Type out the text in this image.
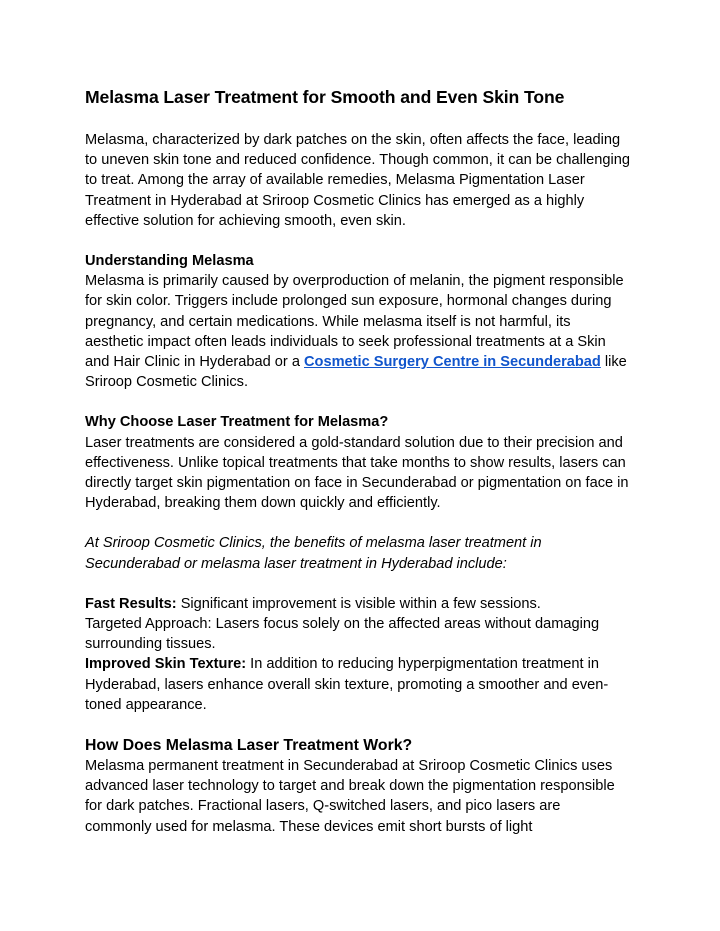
Melasma Laser Treatment for Smooth and Even Skin Tone

Melasma, characterized by dark patches on the skin, often affects the face, leading to uneven skin tone and reduced confidence. Though common, it can be challenging to treat. Among the array of available remedies, Melasma Pigmentation Laser Treatment in Hyderabad at Sriroop Cosmetic Clinics has emerged as a highly effective solution for achieving smooth, even skin.

Understanding Melasma

Melasma is primarily caused by overproduction of melanin, the pigment responsible for skin color. Triggers include prolonged sun exposure, hormonal changes during pregnancy, and certain medications. While melasma itself is not harmful, its aesthetic impact often leads individuals to seek professional treatments at a Skin and Hair Clinic in Hyderabad or a Cosmetic Surgery Centre in Secunderabad like Sriroop Cosmetic Clinics.

Why Choose Laser Treatment for Melasma?

Laser treatments are considered a gold-standard solution due to their precision and effectiveness. Unlike topical treatments that take months to show results, lasers can directly target skin pigmentation on face in Secunderabad or pigmentation on face in Hyderabad, breaking them down quickly and efficiently.

At Sriroop Cosmetic Clinics, the benefits of melasma laser treatment in Secunderabad or melasma laser treatment in Hyderabad include:

Fast Results: Significant improvement is visible within a few sessions.

Targeted Approach: Lasers focus solely on the affected areas without damaging surrounding tissues.

Improved Skin Texture: In addition to reducing hyperpigmentation treatment in Hyderabad, lasers enhance overall skin texture, promoting a smoother and even-toned appearance.

How Does Melasma Laser Treatment Work?

Melasma permanent treatment in Secunderabad at Sriroop Cosmetic Clinics uses advanced laser technology to target and break down the pigmentation responsible for dark patches. Fractional lasers, Q-switched lasers, and pico lasers are commonly used for melasma. These devices emit short bursts of light
